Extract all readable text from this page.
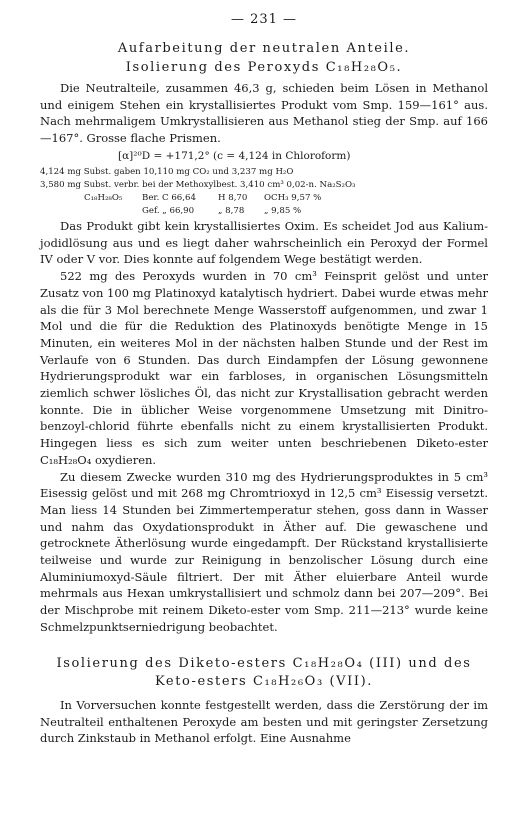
— 231 —
Aufarbeitung der neutralen Anteile.
Isolierung des Peroxyds C₁₈H₂₈O₅.

Die Neutralteile, zusammen 46,3 g, schieden beim Lösen in Methanol und einigem Stehen ein krystallisiertes Produkt vom Smp. 159—161° aus. Nach mehrmaligem Umkrystallisieren aus Methanol stieg der Smp. auf 166—167°. Grosse flache Prismen.

[α]²⁰D = +171,2° (c = 4,124 in Chloroform)
4,124 mg Subst. gaben 10,110 mg CO₂ und 3,237 mg H₂O
3,580 mg Subst. verbr. bei der Methoxylbest. 3,410 cm³ 0,02-n. Na₂S₂O₃
C₁₈H₂₈O₅ Ber. C 66,64	H 8,70 OCH₃ 9,57 %
Gef. „ 66,90	„ 8,78 „ 9,85 %

Das Produkt gibt kein krystallisiertes Oxim. Es scheidet Jod aus Kalium-jodidlösung aus und es liegt daher wahrscheinlich ein Peroxyd der Formel IV oder V vor. Dies konnte auf folgendem Wege bestätigt werden.

522 mg des Peroxyds wurden in 70 cm³ Feinsprit gelöst und unter Zusatz von 100 mg Platinoxyd katalytisch hydriert. Dabei wurde etwas mehr als die für 3 Mol berechnete Menge Wasserstoff aufgenommen, und zwar 1 Mol und die für die Reduktion des Platinoxyds benötigte Menge in 15 Minuten, ein weiteres Mol in der nächsten halben Stunde und der Rest im Verlaufe von 6 Stunden. Das durch Eindampfen der Lösung gewonnene Hydrierungsprodukt war ein farbloses, in organischen Lösungsmitteln ziemlich schwer lösliches Öl, das nicht zur Krystallisation gebracht werden konnte. Die in üblicher Weise vorgenommene Umsetzung mit Dinitro-benzoyl-chlorid führte ebenfalls nicht zu einem krystallisierten Produkt. Hingegen liess es sich zum weiter unten beschriebenen Diketo-ester C₁₈H₂₈O₄ oxydieren.

Zu diesem Zwecke wurden 310 mg des Hydrierungsproduktes in 5 cm³ Eisessig gelöst und mit 268 mg Chromtrioxyd in 12,5 cm³ Eisessig versetzt. Man liess 14 Stunden bei Zimmertemperatur stehen, goss dann in Wasser und nahm das Oxydationsprodukt in Äther auf. Die gewaschene und getrocknete Ätherlösung wurde eingedampft. Der Rückstand krystallisierte teilweise und wurde zur Reinigung in benzolischer Lösung durch eine Aluminiumoxyd-Säule filtriert. Der mit Äther eluierbare Anteil wurde mehrmals aus Hexan umkrystallisiert und schmolz dann bei 207—209°. Bei der Mischprobe mit reinem Diketo-ester vom Smp. 211—213° wurde keine Schmelzpunktserniedrigung beobachtet.

Isolierung des Diketo-esters C₁₈H₂₈O₄ (III) und des
Keto-esters C₁₈H₂₆O₃ (VII).

In Vorversuchen konnte festgestellt werden, dass die Zerstörung der im Neutralteil enthaltenen Peroxyde am besten und mit geringster Zersetzung durch Zinkstaub in Methanol erfolgt. Eine Ausnahme
